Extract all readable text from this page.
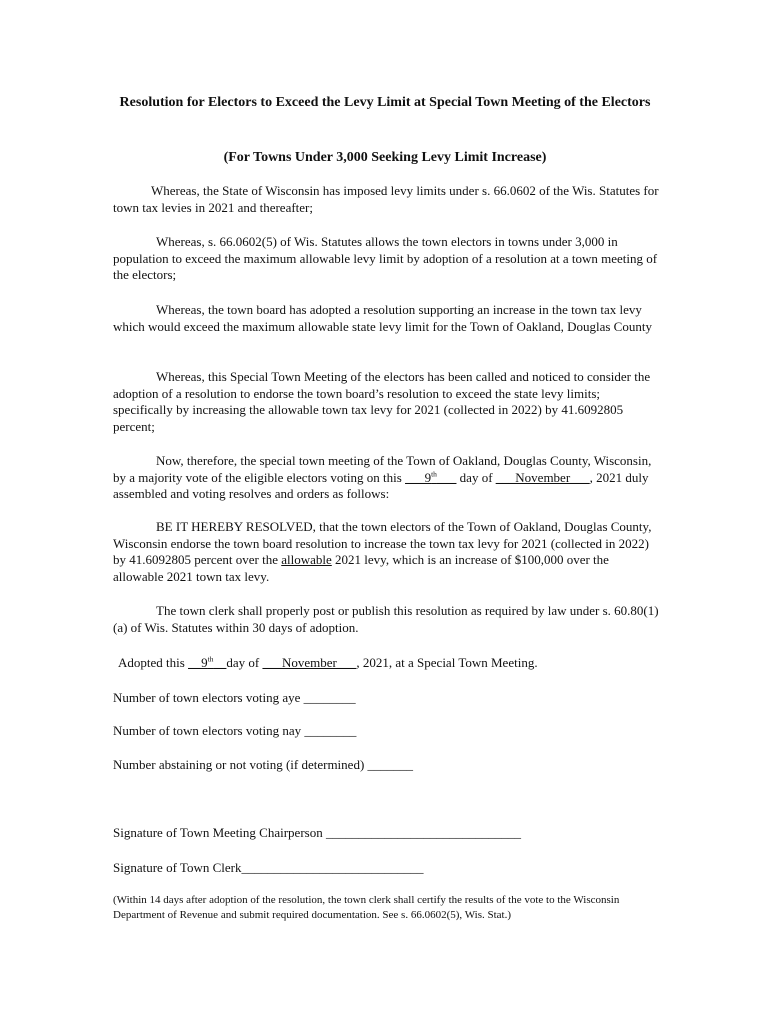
Resolution for Electors to Exceed the Levy Limit at Special Town Meeting of the Electors
(For Towns Under 3,000 Seeking Levy Limit Increase)

Whereas, the State of Wisconsin has imposed levy limits under s. 66.0602 of the Wis. Statutes for town tax levies in 2021 and thereafter;

Whereas, s. 66.0602(5) of Wis. Statutes allows the town electors in towns under 3,000 in population to exceed the maximum allowable levy limit by adoption of a resolution at a town meeting of the electors;

Whereas, the town board has adopted a resolution supporting an increase in the town tax levy which would exceed the maximum allowable state levy limit for the Town of Oakland, Douglas County

Whereas, this Special Town Meeting of the electors has been called and noticed to consider the adoption of a resolution to endorse the town board’s resolution to exceed the state levy limits; specifically by increasing the allowable town tax levy for 2021 (collected in 2022) by 41.6092805 percent;

Now, therefore, the special town meeting of the Town of Oakland, Douglas County, Wisconsin, by a majority vote of the eligible electors voting on this ___9th___ day of ___November___, 2021 duly assembled and voting resolves and orders as follows:

BE IT HEREBY RESOLVED, that the town electors of the Town of Oakland, Douglas County, Wisconsin endorse the town board resolution to increase the town tax levy for 2021 (collected in 2022) by 41.6092805 percent over the allowable 2021 levy, which is an increase of $100,000 over the allowable 2021 town tax levy.

The town clerk shall properly post or publish this resolution as required by law under s. 60.80(1)(a) of Wis. Statutes within 30 days of adoption.

Adopted this __9th__day of ___November___, 2021, at a Special Town Meeting.
Number of town electors voting aye ________
Number of town electors voting nay ________
Number abstaining or not voting (if determined) _______
Signature of Town Meeting Chairperson ______________________________
Signature of Town Clerk____________________________

(Within 14 days after adoption of the resolution, the town clerk shall certify the results of the vote to the Wisconsin Department of Revenue and submit required documentation. See s. 66.0602(5), Wis. Stat.)
